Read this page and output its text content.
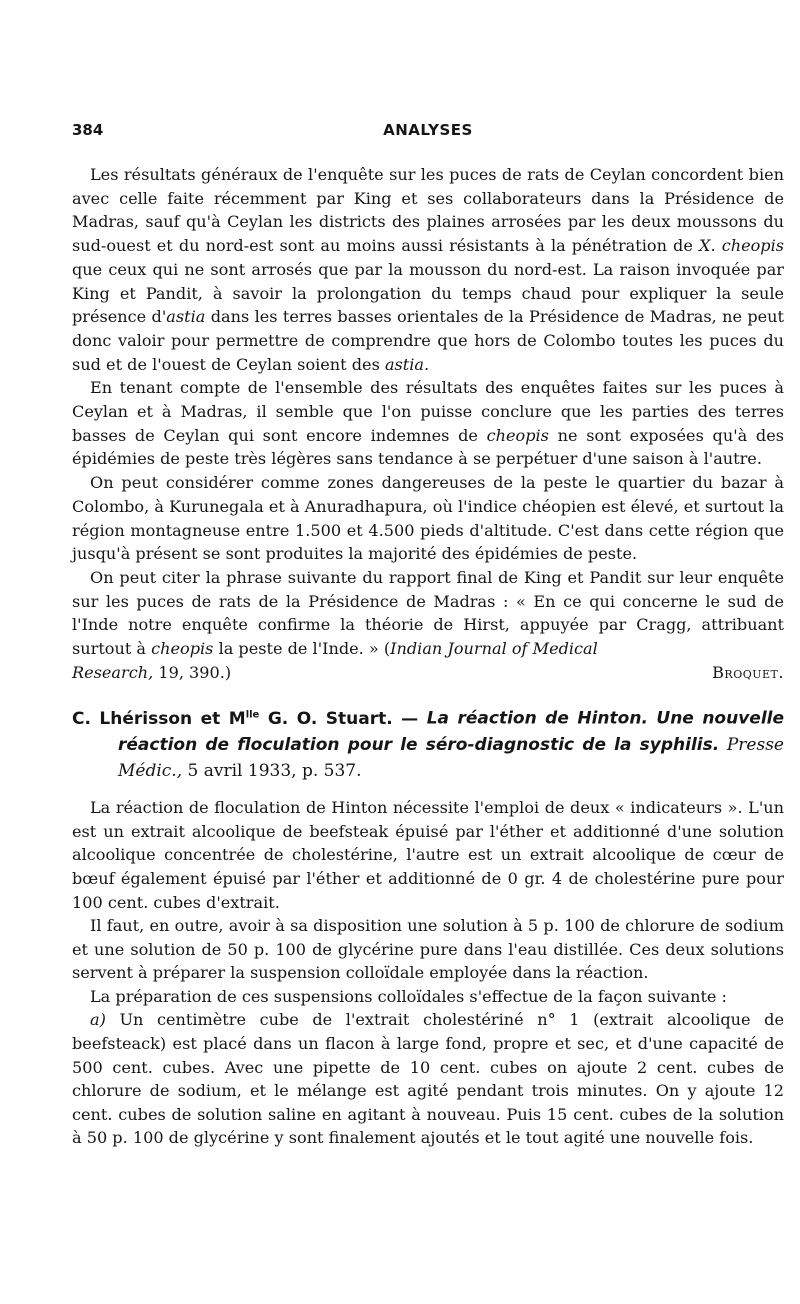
384	ANALYSES

Les résultats généraux de l'enquête sur les puces de rats de Ceylan concordent bien avec celle faite récemment par King et ses collaborateurs dans la Présidence de Madras, sauf qu'à Ceylan les districts des plaines arrosées par les deux moussons du sud-ouest et du nord-est sont au moins aussi résistants à la pénétration de X. cheopis que ceux qui ne sont arrosés que par la mousson du nord-est. La raison invoquée par King et Pandit, à savoir la prolongation du temps chaud pour expliquer la seule présence d'astia dans les terres basses orientales de la Présidence de Madras, ne peut donc valoir pour permettre de comprendre que hors de Colombo toutes les puces du sud et de l'ouest de Ceylan soient des astia.

En tenant compte de l'ensemble des résultats des enquêtes faites sur les puces à Ceylan et à Madras, il semble que l'on puisse conclure que les parties des terres basses de Ceylan qui sont encore indemnes de cheopis ne sont exposées qu'à des épidémies de peste très légères sans tendance à se perpétuer d'une saison à l'autre.

On peut considérer comme zones dangereuses de la peste le quartier du bazar à Colombo, à Kurunegala et à Anuradhapura, où l'indice chéopien est élevé, et surtout la région montagneuse entre 1.500 et 4.500 pieds d'altitude. C'est dans cette région que jusqu'à présent se sont produites la majorité des épidémies de peste.

On peut citer la phrase suivante du rapport final de King et Pandit sur leur enquête sur les puces de rats de la Présidence de Madras : « En ce qui concerne le sud de l'Inde notre enquête confirme la théorie de Hirst, appuyée par Cragg, attribuant surtout à cheopis la peste de l'Inde. » (Indian Journal of Medical

Research, 19, 390.)	Broquet.
C. Lhérisson et $M^{lle}$ G. O. Stuart. — La réaction de Hinton. Une nouvelle réaction de floculation pour le séro-diagnostic de la syphilis. Presse Médic., 5 avril 1933, p. 537.

La réaction de floculation de Hinton nécessite l'emploi de deux « indicateurs ». L'un est un extrait alcoolique de beefsteak épuisé par l'éther et additionné d'une solution alcoolique concentrée de cholestérine, l'autre est un extrait alcoolique de cœur de bœuf également épuisé par l'éther et additionné de 0 gr. 4 de cholestérine pure pour 100 cent. cubes d'extrait.

Il faut, en outre, avoir à sa disposition une solution à 5 p. 100 de chlorure de sodium et une solution de 50 p. 100 de glycérine pure dans l'eau distillée. Ces deux solutions servent à préparer la suspension colloïdale employée dans la réaction.

La préparation de ces suspensions colloïdales s'effectue de la façon suivante :

a) Un centimètre cube de l'extrait cholestériné n° 1 (extrait alcoolique de beefsteack) est placé dans un flacon à large fond, propre et sec, et d'une capacité de 500 cent. cubes. Avec une pipette de 10 cent. cubes on ajoute 2 cent. cubes de chlorure de sodium, et le mélange est agité pendant trois minutes. On y ajoute 12 cent. cubes de solution saline en agitant à nouveau. Puis 15 cent. cubes de la solution à 50 p. 100 de glycérine y sont finalement ajoutés et le tout agité une nouvelle fois.
